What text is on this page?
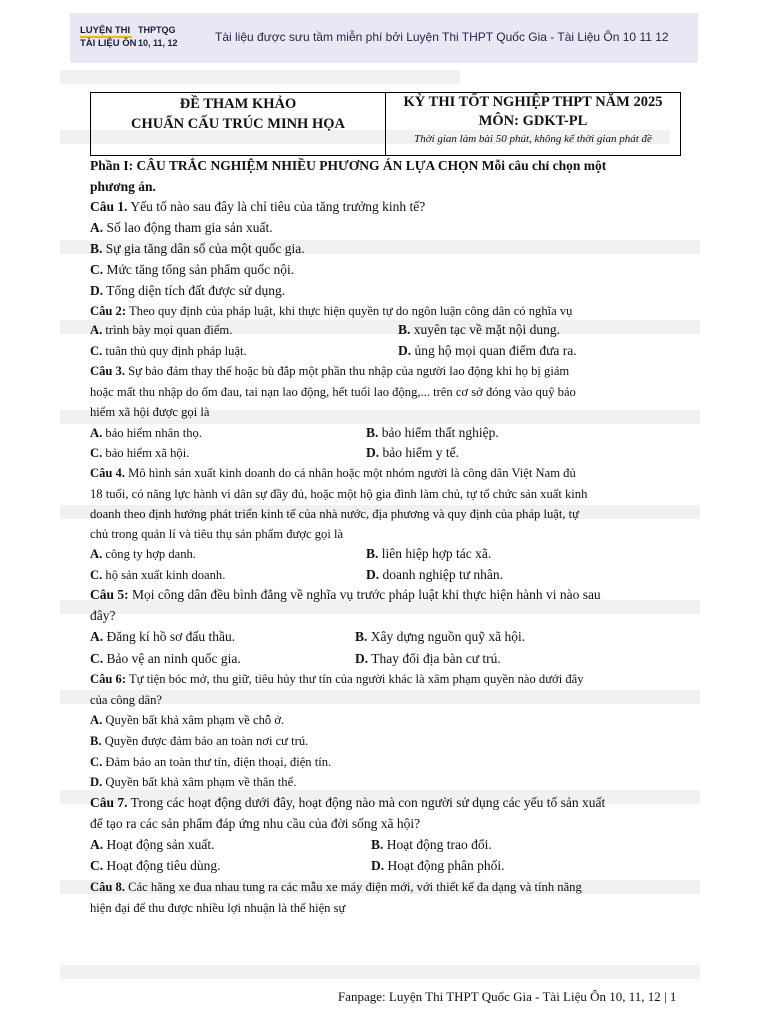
LUYỆN THI
TÀI LIỆU ÔN
THPTQG
10, 11, 12	Tài liệu được sưu tầm miễn phí bởi Luyện Thi THPT Quốc Gia - Tài Liệu Ôn 10 11 12
ĐỀ THAM KHẢO
CHUẨN CẤU TRÚC MINH HỌA
KỲ THI TỐT NGHIỆP THPT NĂM 2025
MÔN: GDKT-PL
Thời gian làm bài 50 phút, không kể thời gian phát đề
Phần I: CÂU TRẮC NGHIỆM NHIỀU PHƯƠNG ÁN LỰA CHỌN Mỗi câu chỉ chọn một
phương án.
Câu 1. Yếu tố nào sau đây là chỉ tiêu của tăng trưởng kinh tế?
A. Số lao động tham gia sản xuất.
B. Sự gia tăng dân số của một quốc gia.
C. Mức tăng tổng sản phẩm quốc nội.
D. Tổng diện tích đất được sử dụng.
Câu 2: Theo quy định của pháp luật, khi thực hiện quyền tự do ngôn luận công dân có nghĩa vụ
A. trình bày mọi quan điểm.	B. xuyên tạc về mặt nội dung.
C. tuân thủ quy định pháp luật.	D. ủng hộ mọi quan điểm đưa ra.
Câu 3. Sự bảo đảm thay thế hoặc bù đắp một phần thu nhập của người lao động khi họ bị giảm
hoặc mất thu nhập do ốm đau, tai nạn lao động, hết tuổi lao động,... trên cơ sở đóng vào quỹ bảo
hiểm xã hội được gọi là
A. bảo hiểm nhân thọ.	B. bảo hiểm thất nghiệp.
C. bảo hiểm xã hội.	D. bảo hiểm y tế.
Câu 4. Mô hình sản xuất kinh doanh do cá nhân hoặc một nhóm người là công dân Việt Nam đủ
18 tuổi, có năng lực hành vi dân sự đầy đủ, hoặc một hộ gia đình làm chủ, tự tổ chức sản xuất kinh
doanh theo định hướng phát triển kinh tế của nhà nước, địa phương và quy định của pháp luật, tự
chủ trong quản lí và tiêu thụ sản phẩm được gọi là
A. công ty hợp danh.	B. liên hiệp hợp tác xã.
C. hộ sản xuất kinh doanh.	D. doanh nghiệp tư nhân.
Câu 5: Mọi công dân đều bình đẳng về nghĩa vụ trước pháp luật khi thực hiện hành vi nào sau
đây?
A. Đăng kí hồ sơ đấu thầu.	B. Xây dựng nguồn quỹ xã hội.
C. Bảo vệ an ninh quốc gia.	D. Thay đổi địa bàn cư trú.
Câu 6: Tự tiện bóc mở, thu giữ, tiêu hủy thư tín của người khác là xâm phạm quyền nào dưới đây
của công dân?
A. Quyền bất khả xâm phạm về chỗ ở.
B. Quyền được đảm bảo an toàn nơi cư trú.
C. Đảm bảo an toàn thư tín, điện thoại, điện tín.
D. Quyền bất khả xâm phạm về thân thể.
Câu 7. Trong các hoạt động dưới đây, hoạt động nào mà con người sử dụng các yếu tố sản xuất
để tạo ra các sản phẩm đáp ứng nhu cầu của đời sống xã hội?
A. Hoạt động sản xuất.	B. Hoạt động trao đổi.
C. Hoạt động tiêu dùng.	D. Hoạt động phân phối.
Câu 8. Các hãng xe đua nhau tung ra các mẫu xe máy điện mới, với thiết kế đa dạng và tính năng
hiện đại để thu được nhiều lợi nhuận là thể hiện sự
Fanpage: Luyện Thi THPT Quốc Gia - Tài Liệu Ôn 10, 11, 12 | 1
